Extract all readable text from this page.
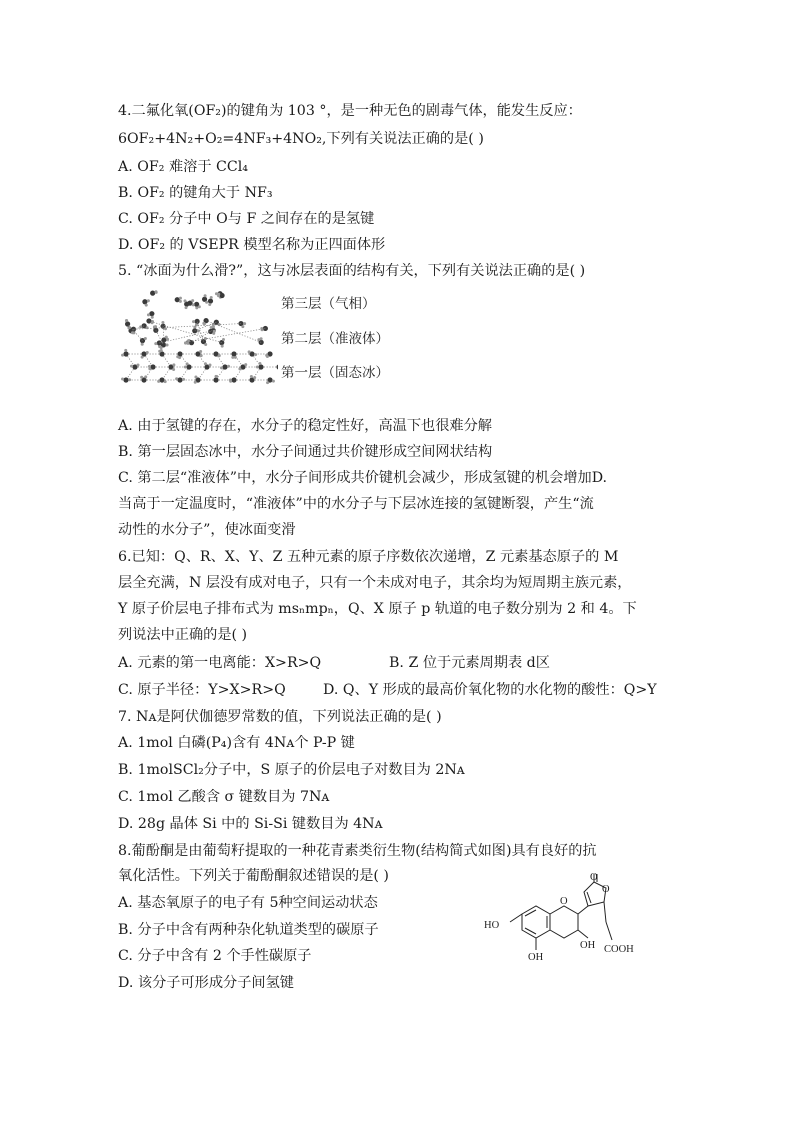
4.二氟化氧(OF₂)的键角为 103 °，是一种无色的剧毒气体，能发生反应：
6OF₂+4N₂+O₂=4NF₃+4NO₂,下列有关说法正确的是( )
A. OF₂ 难溶于 CCl₄
B. OF₂ 的键角大于 NF₃
C. OF₂ 分子中 O与 F 之间存在的是氢键
D. OF₂ 的 VSEPR 模型名称为正四面体形
5. “冰面为什么滑?”，这与冰层表面的结构有关，下列有关说法正确的是( )
第三层（气相）
第二层（准液体）
第一层（固态冰）
A. 由于氢键的存在，水分子的稳定性好，高温下也很难分解
B. 第一层固态冰中，水分子间通过共价键形成空间网状结构
C. 第二层“准液体”中，水分子间形成共价键机会减少，形成氢键的机会增加D.
当高于一定温度时，“准液体”中的水分子与下层冰连接的氢键断裂，产生“流
动性的水分子”，使冰面变滑
6.已知：Q、R、X、Y、Z 五种元素的原子序数依次递增，Z 元素基态原子的 M
层全充满，N 层没有成对电子，只有一个未成对电子，其余均为短周期主族元素，
Y 原子价层电子排布式为 msₙmpₙ，Q、X 原子 p 轨道的电子数分别为 2 和 4。下
列说法中正确的是( )
A. 元素的第一电离能：X>R>Q	B. Z 位于元素周期表 d区
C. 原子半径：Y>X>R>Q	D. Q、Y 形成的最高价氧化物的水化物的酸性：Q>Y
7. Nᴀ是阿伏伽德罗常数的值，下列说法正确的是( )
A. 1mol 白磷(P₄)含有 4Nᴀ个 P-P 键
B. 1molSCl₂分子中，S 原子的价层电子对数目为 2Nᴀ
C. 1mol 乙酸含 σ 键数目为 7Nᴀ
D. 28g 晶体 Si 中的 Si-Si 键数目为 4Nᴀ
8.葡酚酮是由葡萄籽提取的一种花青素类衍生物(结构简式如图)具有良好的抗
氧化活性。下列关于葡酚酮叙述错误的是( )
A. 基态氧原子的电子有 5种空间运动状态
B. 分子中含有两种杂化轨道类型的碳原子
C. 分子中含有 2 个手性碳原子
D. 该分子可形成分子间氢键
HO
OH
OH COOH
O
O
O
